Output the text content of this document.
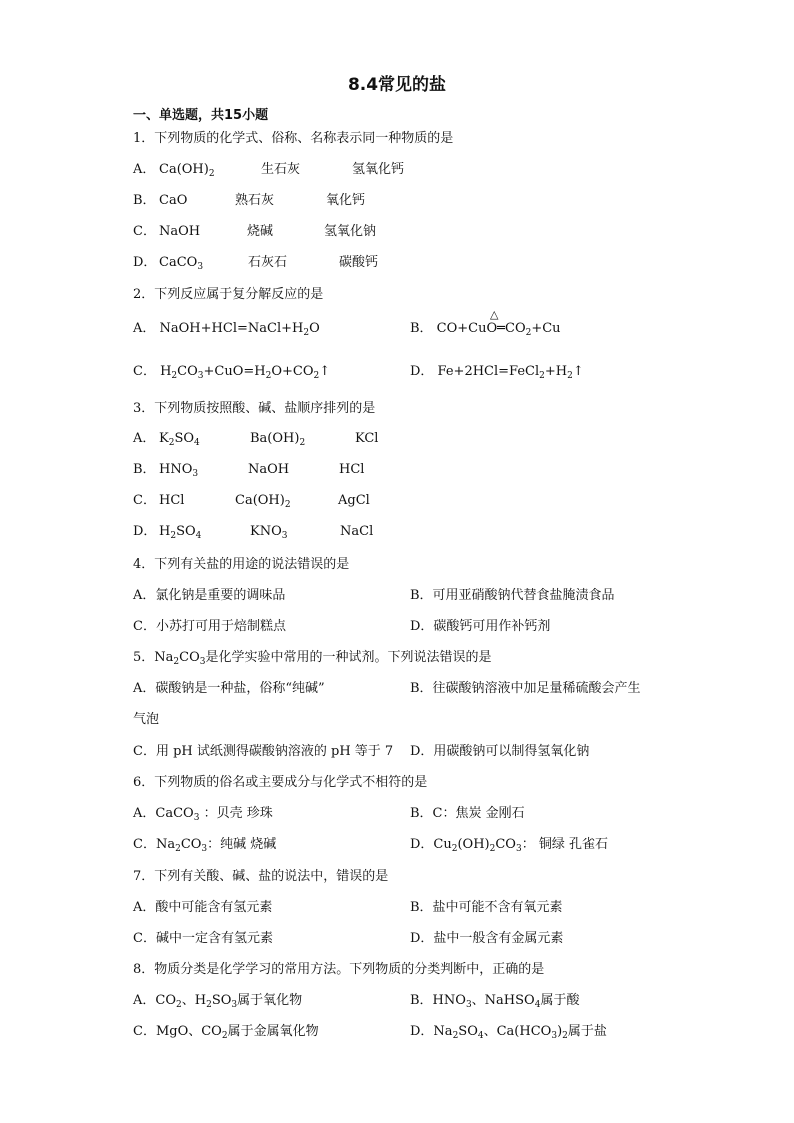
8.4常见的盐
一、单选题，共15小题
1．下列物质的化学式、俗称、名称表示同一种物质的是
A． $Ca(OH)_2$	生石灰	氢氧化钙
B． CaO	熟石灰	氧化钙
C． NaOH	烧碱	氢氧化钠
D． CaCO$_3$	石灰石	碳酸钙
2．下列反应属于复分解反应的是
A． $NaOH+HCl=NaCl+H_2O$	B． $CO+CuO═CO_2+Cu$
△
C． $H_2CO_3+CuO=H_2O+CO_2↑$	D． $Fe+2HCl=FeCl_2+H_2↑$
3．下列物质按照酸、碱、盐顺序排列的是
A． $K_2SO_4$	$Ba(OH)_2$	KCl
B． $HNO_3$	NaOH	HCl
C． HCl	$Ca(OH)_2$	AgCl
D． $H_2SO_4$	$KNO_3$	NaCl
4．下列有关盐的用途的说法错误的是
A．氯化钠是重要的调味品	B．可用亚硝酸钠代替食盐腌渍食品
C．小苏打可用于焙制糕点	D．碳酸钙可用作补钙剂
5．$Na_2CO_3$是化学实验中常用的一种试剂。下列说法错误的是
A．碳酸钠是一种盐，俗称“纯碱”	B．往碳酸钠溶液中加足量稀硫酸会产生
气泡
C．用 pH 试纸测得碳酸钠溶液的 pH 等于 7 D．用碳酸钠可以制得氢氧化钠
6．下列物质的俗名或主要成分与化学式不相符的是
A．CaCO$_3$ ：贝壳 珍珠	B．C：焦炭 金刚石
C．$Na_2CO_3$：纯碱 烧碱	D．$Cu_2(OH)_2CO_3$： 铜绿 孔雀石
7．下列有关酸、碱、盐的说法中，错误的是
A．酸中可能含有氢元素	B．盐中可能不含有氧元素
C．碱中一定含有氢元素	D．盐中一般含有金属元素
8．物质分类是化学学习的常用方法。下列物质的分类判断中，正确的是
A．$CO_2$、$H_2SO_3$属于氧化物	B．$HNO_3$、NaHSO$_4$属于酸
C．MgO、$CO_2$属于金属氧化物	D．$Na_2SO_4$、$Ca(HCO_3)_2$属于盐
